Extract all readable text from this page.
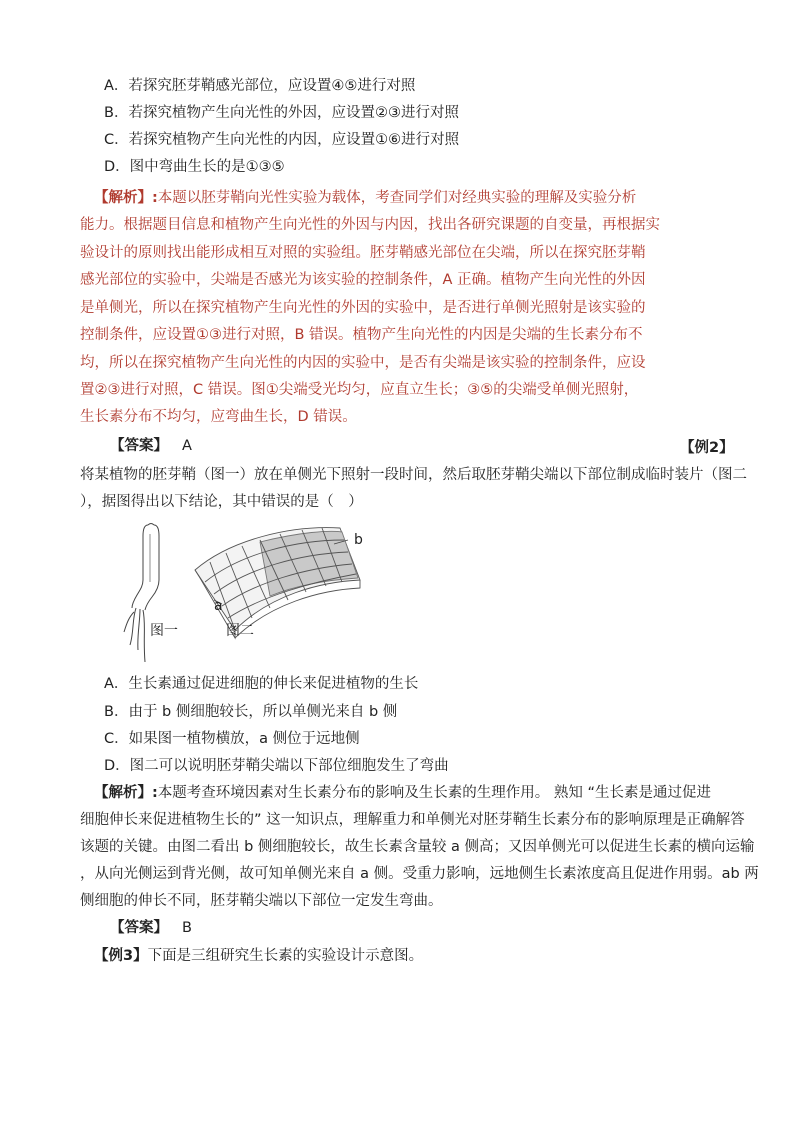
A．若探究胚芽鞘感光部位，应设置④⑤进行对照
B．若探究植物产生向光性的外因，应设置②③进行对照
C．若探究植物产生向光性的内因，应设置①⑥进行对照
D．图中弯曲生长的是①③⑤
【解析】:本题以胚芽鞘向光性实验为载体，考查同学们对经典实验的理解及实验分析
能力。根据题目信息和植物产生向光性的外因与内因，找出各研究课题的自变量，再根据实
验设计的原则找出能形成相互对照的实验组。胚芽鞘感光部位在尖端，所以在探究胚芽鞘
感光部位的实验中，尖端是否感光为该实验的控制条件，A 正确。植物产生向光性的外因
是单侧光，所以在探究植物产生向光性的外因的实验中，是否进行单侧光照射是该实验的
控制条件，应设置①③进行对照，B 错误。植物产生向光性的内因是尖端的生长素分布不
均，所以在探究植物产生向光性的内因的实验中，是否有尖端是该实验的控制条件，应设
置②③进行对照，C 错误。图①尖端受光均匀，应直立生长；③⑤的尖端受单侧光照射，
生长素分布不均匀，应弯曲生长，D 错误。
【答案】 A	【例2】
将某植物的胚芽鞘（图一）放在单侧光下照射一段时间，然后取胚芽鞘尖端以下部位制成临时装片（图二
），据图得出以下结论，其中错误的是（　）
b
a
图一	图二
A．生长素通过促进细胞的伸长来促进植物的生长
B．由于 b 侧细胞较长，所以单侧光来自 b 侧
C．如果图一植物横放，a 侧位于远地侧
D．图二可以说明胚芽鞘尖端以下部位细胞发生了弯曲
【解析】:本题考查环境因素对生长素分布的影响及生长素的生理作用。 熟知 “生长素是通过促进
细胞伸长来促进植物生长的” 这一知识点，理解重力和单侧光对胚芽鞘生长素分布的影响原理是正确解答
该题的关键。由图二看出 b 侧细胞较长，故生长素含量较 a 侧高；又因单侧光可以促进生长素的横向运输
，从向光侧运到背光侧，故可知单侧光来自 a 侧。受重力影响，远地侧生长素浓度高且促进作用弱。ab 两
侧细胞的伸长不同，胚芽鞘尖端以下部位一定发生弯曲。
【答案】 B
【例3】下面是三组研究生长素的实验设计示意图。
